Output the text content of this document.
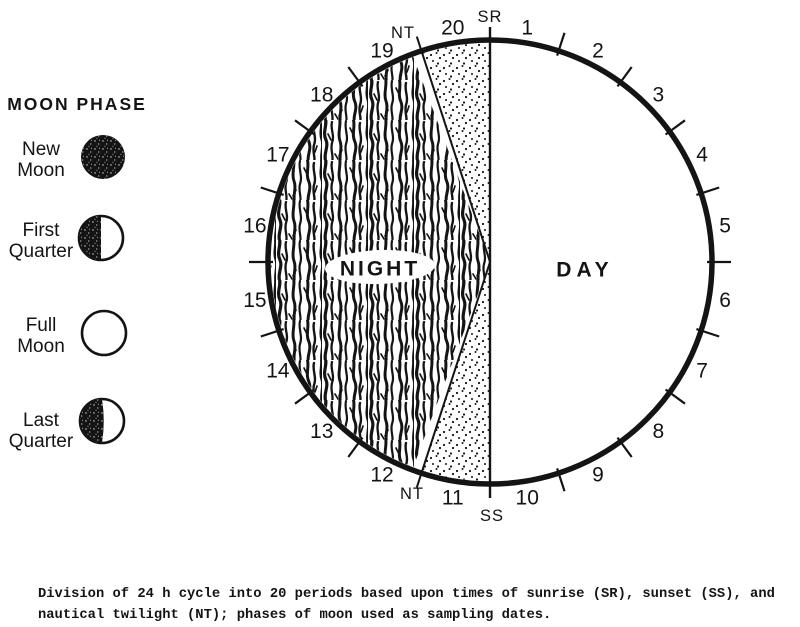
MOON PHASE
New
Moon
First
Quarter
Full
Moon
Last
Quarter
1
2
3
4
5
6
7
8
9
10
11
12
13
14
15
16
17
18
19
20
NIGHT	DAY
SR
SS
NT
NT
Division of 24 h cycle into 20 periods based upon times of sunrise (SR), sunset (SS), and
nautical twilight (NT); phases of moon used as sampling dates.
